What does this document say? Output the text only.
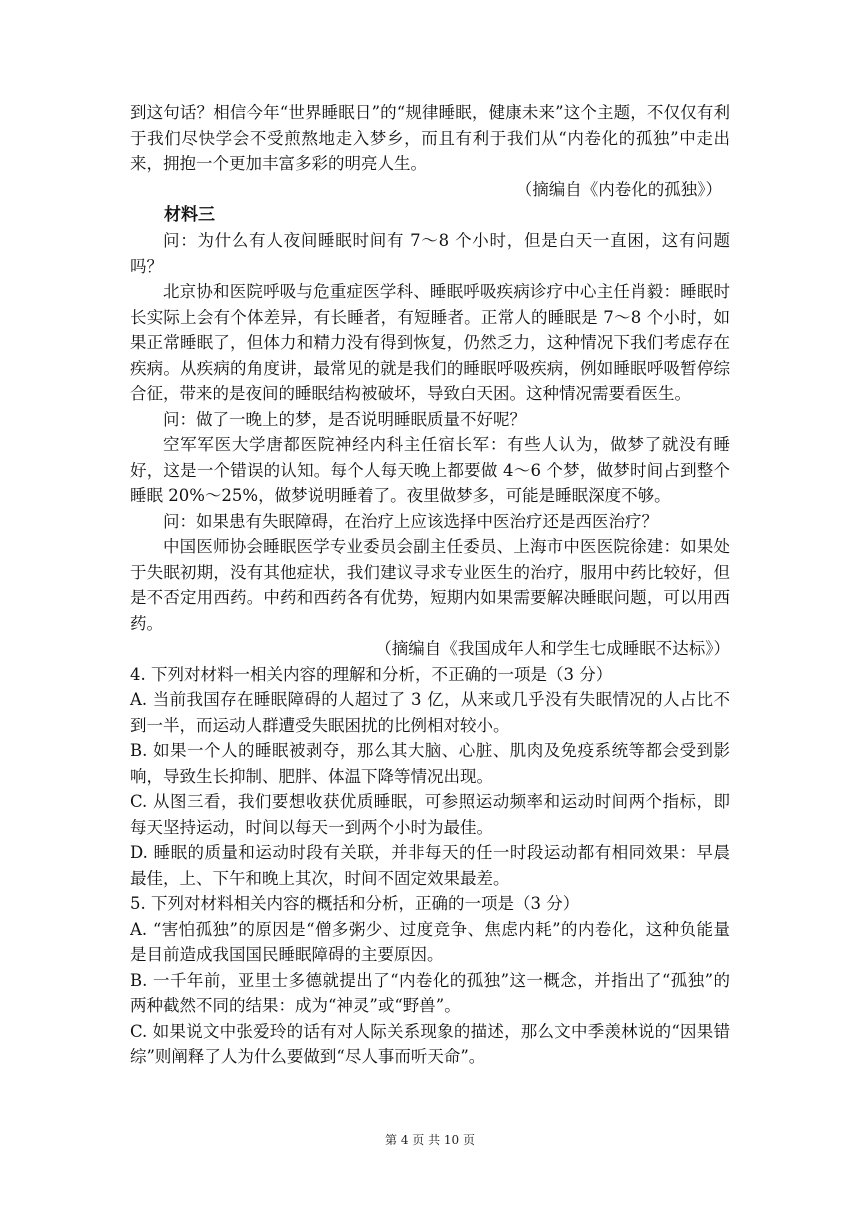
到这句话？相信今年“世界睡眠日”的“规律睡眠，健康未来”这个主题，不仅仅有利于我们尽快学会不受煎熬地走入梦乡，而且有利于我们从“内卷化的孤独”中走出来，拥抱一个更加丰富多彩的明亮人生。

（摘编自《内卷化的孤独》）

材料三

问：为什么有人夜间睡眠时间有 7～8 个小时，但是白天一直困，这有问题吗？

北京协和医院呼吸与危重症医学科、睡眠呼吸疾病诊疗中心主任肖毅：睡眠时长实际上会有个体差异，有长睡者，有短睡者。正常人的睡眠是 7～8 个小时，如果正常睡眠了，但体力和精力没有得到恢复，仍然乏力，这种情况下我们考虑存在疾病。从疾病的角度讲，最常见的就是我们的睡眠呼吸疾病，例如睡眠呼吸暂停综合征，带来的是夜间的睡眠结构被破坏，导致白天困。这种情况需要看医生。

问：做了一晚上的梦，是否说明睡眠质量不好呢？

空军军医大学唐都医院神经内科主任宿长军：有些人认为，做梦了就没有睡好，这是一个错误的认知。每个人每天晚上都要做 4～6 个梦，做梦时间占到整个睡眠 20%～25%，做梦说明睡着了。夜里做梦多，可能是睡眠深度不够。

问：如果患有失眠障碍，在治疗上应该选择中医治疗还是西医治疗？

中国医师协会睡眠医学专业委员会副主任委员、上海市中医医院徐建：如果处于失眠初期，没有其他症状，我们建议寻求专业医生的治疗，服用中药比较好，但是不否定用西药。中药和西药各有优势，短期内如果需要解决睡眠问题，可以用西药。

（摘编自《我国成年人和学生七成睡眠不达标》）

4. 下列对材料一相关内容的理解和分析，不正确的一项是（3 分）

A. 当前我国存在睡眠障碍的人超过了 3 亿，从来或几乎没有失眠情况的人占比不到一半，而运动人群遭受失眠困扰的比例相对较小。

B. 如果一个人的睡眠被剥夺，那么其大脑、心脏、肌肉及免疫系统等都会受到影响，导致生长抑制、肥胖、体温下降等情况出现。

C. 从图三看，我们要想收获优质睡眠，可参照运动频率和运动时间两个指标，即每天坚持运动，时间以每天一到两个小时为最佳。

D. 睡眠的质量和运动时段有关联，并非每天的任一时段运动都有相同效果：早晨最佳，上、下午和晚上其次，时间不固定效果最差。

5. 下列对材料相关内容的概括和分析，正确的一项是（3 分）

A. “害怕孤独”的原因是“僧多粥少、过度竞争、焦虑内耗”的内卷化，这种负能量是目前造成我国国民睡眠障碍的主要原因。

B. 一千年前，亚里士多德就提出了“内卷化的孤独”这一概念，并指出了“孤独”的两种截然不同的结果：成为“神灵”或“野兽”。

C. 如果说文中张爱玲的话有对人际关系现象的描述，那么文中季羡林说的“因果错综”则阐释了人为什么要做到“尽人事而听天命”。

第 4 页 共 10 页
